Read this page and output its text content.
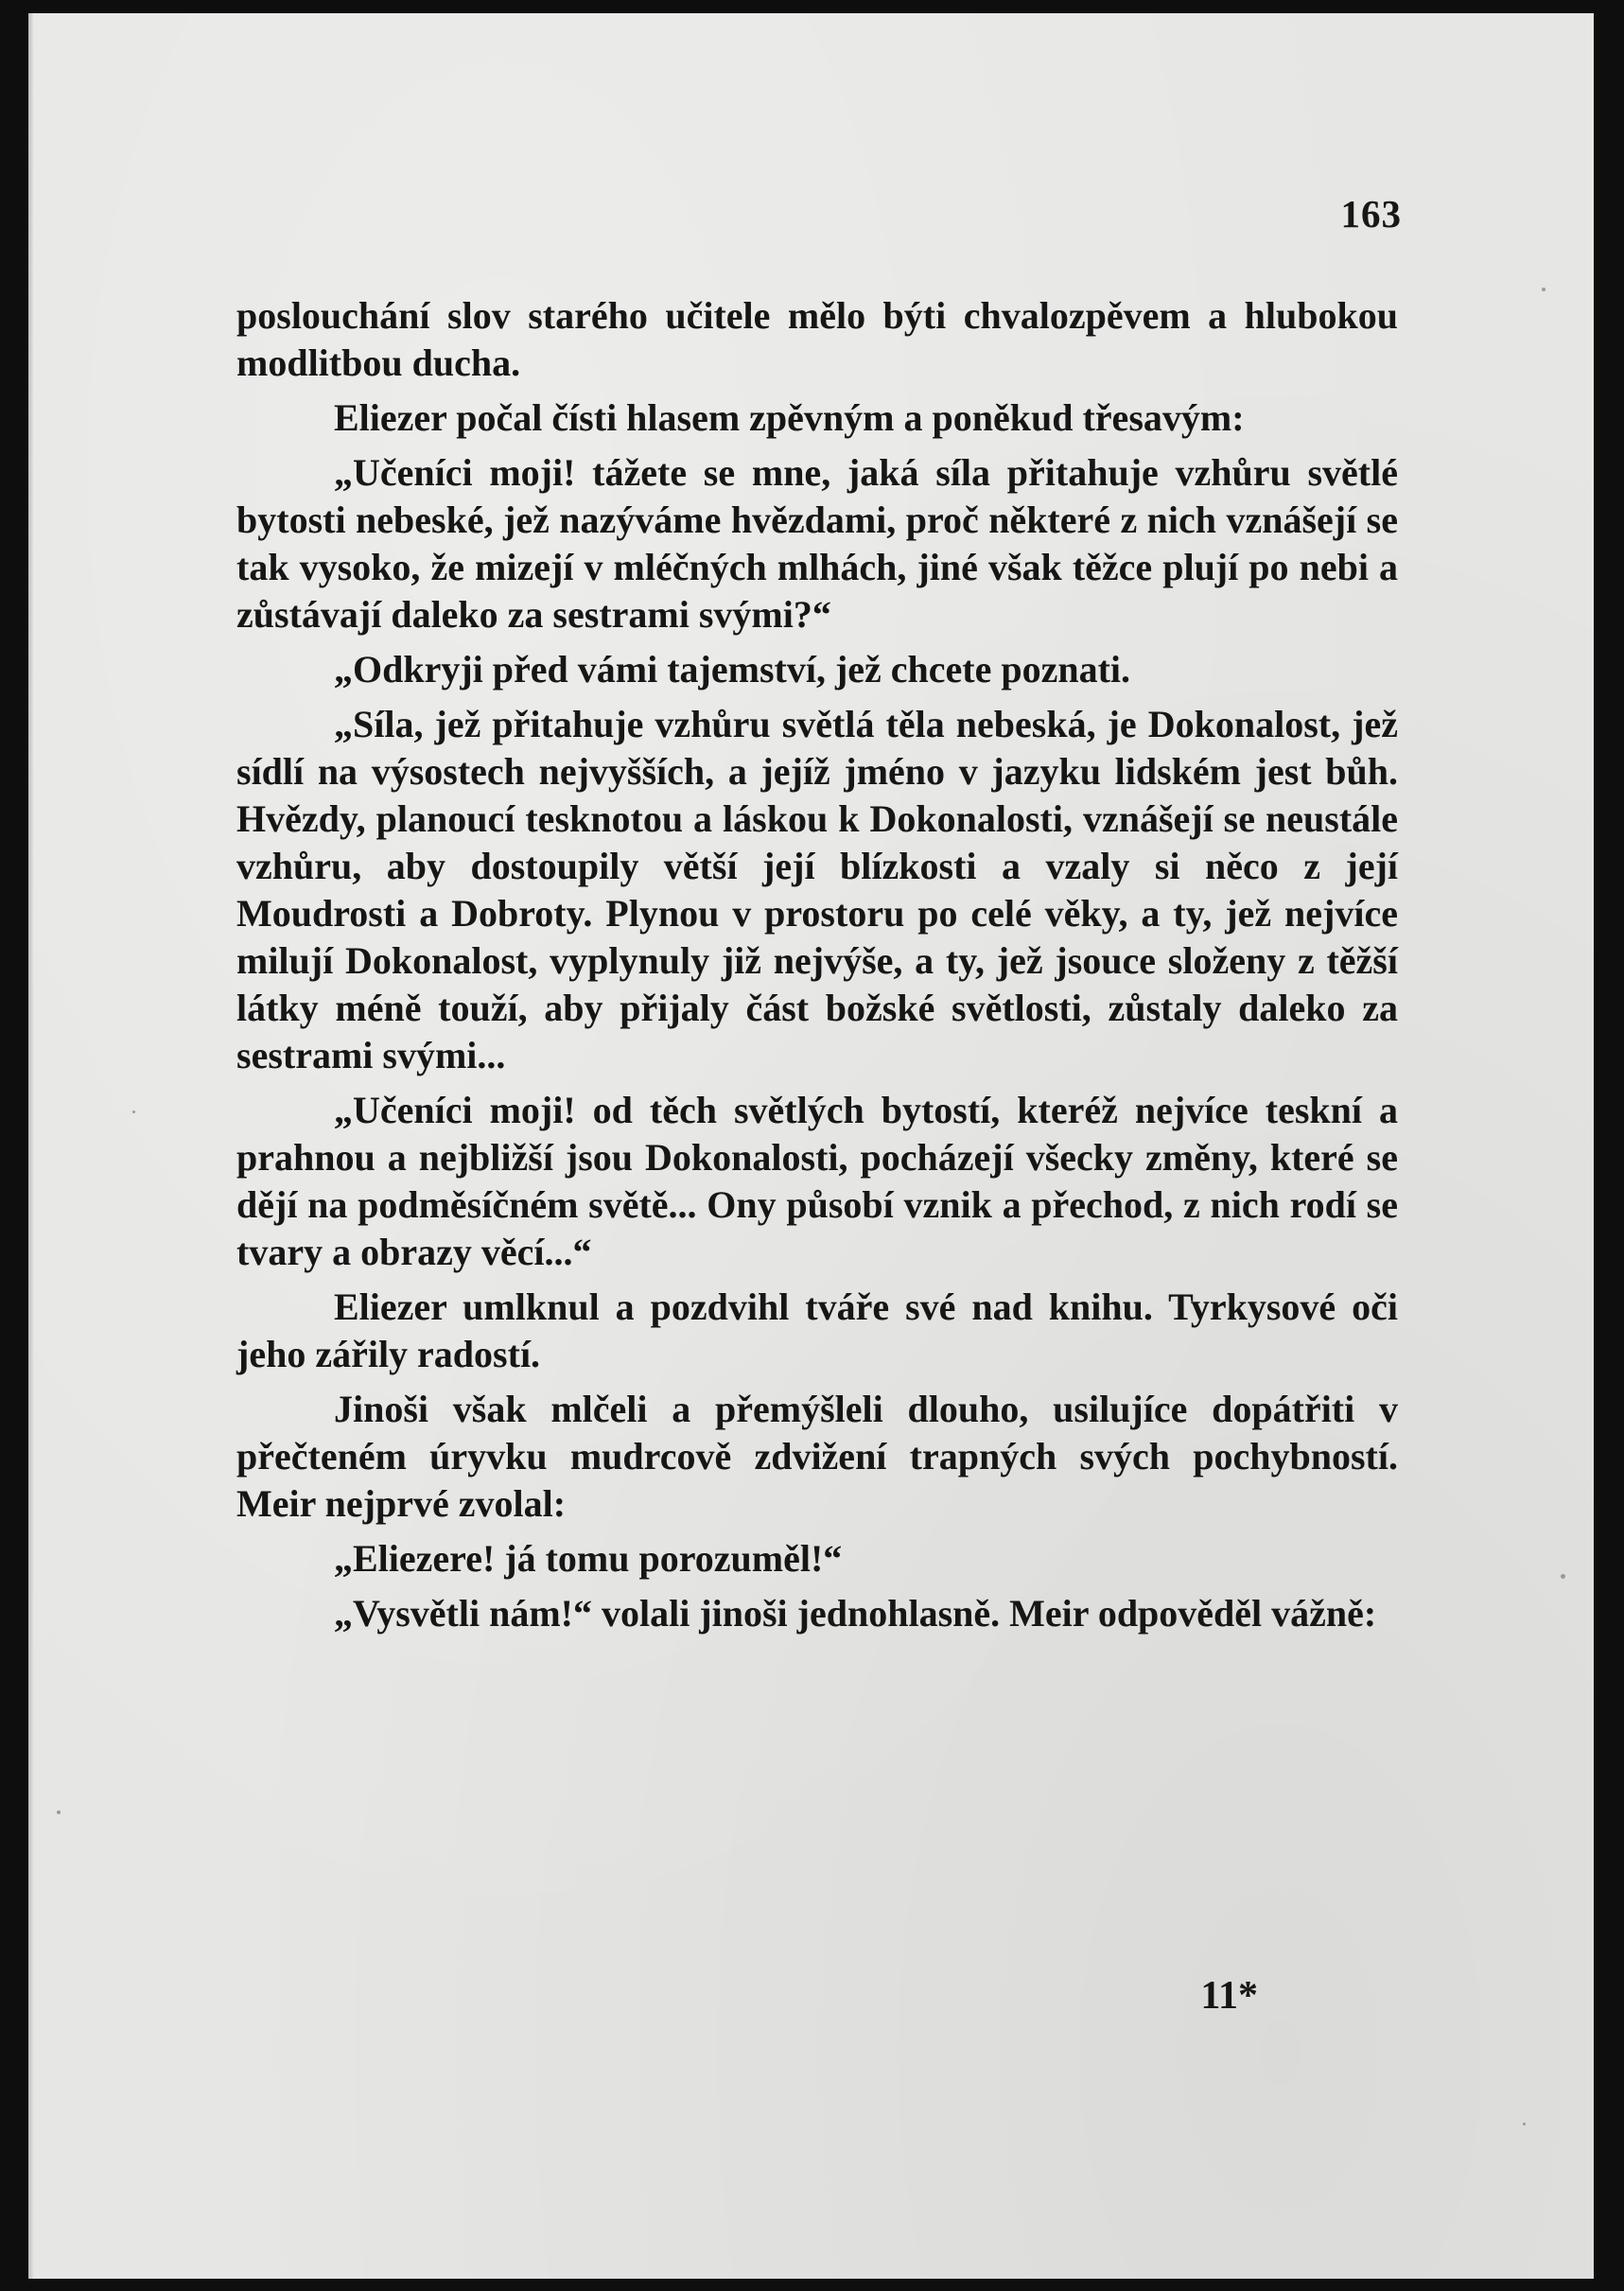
163

poslouchání slov starého učitele mělo býti chvalozpěvem a hlubokou modlitbou ducha.

Eliezer počal čísti hlasem zpěvným a poněkud třesavým:

„Učeníci moji! tážete se mne, jaká síla přitahuje vzhůru světlé bytosti nebeské, jež nazýváme hvězdami, proč některé z nich vznášejí se tak vysoko, že mizejí v mléčných mlhách, jiné však těžce plují po nebi a zůstávají daleko za sestrami svými?“

„Odkryji před vámi tajemství, jež chcete poznati.

„Síla, jež přitahuje vzhůru světlá těla nebeská, je Dokonalost, jež sídlí na výsostech nejvyšších, a jejíž jméno v jazyku lidském jest bůh. Hvězdy, planoucí tesknotou a láskou k Dokonalosti, vznášejí se neustále vzhůru, aby dostoupily větší její blízkosti a vzaly si něco z její Moudrosti a Dobroty. Plynou v prostoru po celé věky, a ty, jež nejvíce milují Dokonalost, vyplynuly již nejvýše, a ty, jež jsouce složeny z těžší látky méně touží, aby přijaly část božské světlosti, zůstaly daleko za sestrami svými...

„Učeníci moji! od těch světlých bytostí, kteréž nejvíce teskní a prahnou a nejbližší jsou Dokonalosti, pocházejí všecky změny, které se dějí na podměsíčném světě... Ony působí vznik a přechod, z nich rodí se tvary a obrazy věcí...“

Eliezer umlknul a pozdvihl tváře své nad knihu. Tyrkysové oči jeho zářily radostí.

Jinoši však mlčeli a přemýšleli dlouho, usilujíce dopátřiti v přečteném úryvku mudrcově zdvižení trapných svých pochybností. Meir nejprvé zvolal:

„Eliezere! já tomu porozuměl!“

„Vysvětli nám!“ volali jinoši jednohlasně. Meir odpověděl vážně:

11*
